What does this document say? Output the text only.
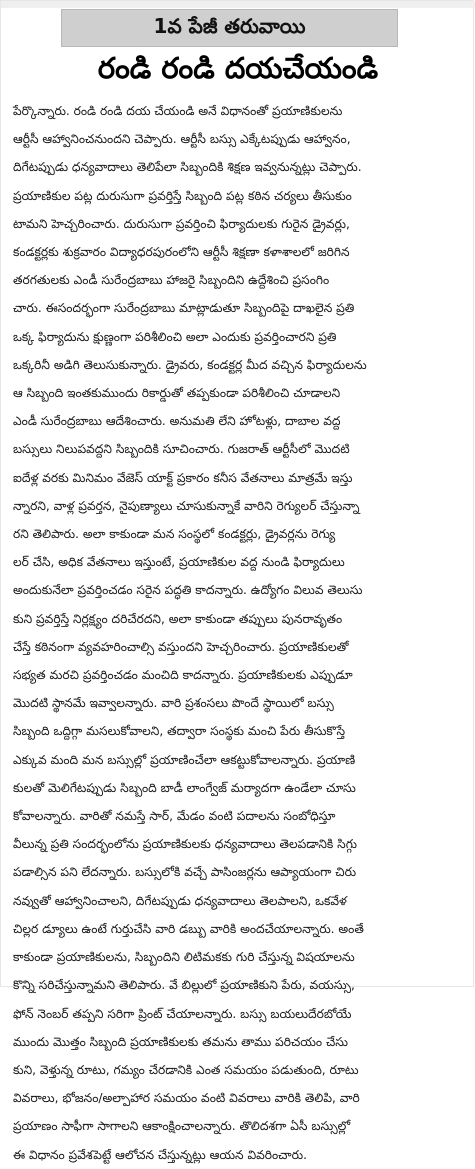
1వ పేజీ తరువాయి
రండి రండి దయచేయండి
పేర్కొన్నారు. రండి రండి దయ చేయండి అనే విధానంతో ప్రయాణికులను
ఆర్టీసీ ఆహ్వానించనుందని చెప్పారు. ఆర్టీసీ బస్సు ఎక్కేటప్పుడు ఆహ్వానం,
దిగేటప్పుడు ధన్యవాదాలు తెలిపేలా సిబ్బందికి శిక్షణ ఇవ్వనున్నట్లు చెప్పారు.
ప్రయాణికుల పట్ల దురుసుగా ప్రవర్తిస్తే సిబ్బంది పట్ల కఠిన చర్యలు తీసుకుం
టామని హెచ్చరించారు. దురుసుగా ప్రవర్తించి ఫిర్యాదులకు గురైన డ్రైవర్లు,
కండక్టర్లకు శుక్రవారం విద్యాధరపురంలోని ఆర్టీసీ శిక్షణా కళాశాలలో జరిగిన
తరగతులకు ఎండీ సురేంద్రబాబు హాజరై సిబ్బందిని ఉద్దేశించి ప్రసంగిం
చారు. ఈసందర్భంగా సురేంద్రబాబు మాట్లాడుతూ సిబ్బందిపై దాఖలైన ప్రతి
ఒక్క ఫిర్యాదును క్షుణ్ణంగా పరిశీలించి అలా ఎందుకు ప్రవర్తించారని ప్రతి
ఒక్కరినీ అడిగి తెలుసుకున్నారు. డ్రైవరు, కండక్టర్ల మీద వచ్చిన ఫిర్యాదులను
ఆ సిబ్బంది ఇంతకుముందు రికార్డుతో తప్పకుండా పరిశీలించి చూడాలని
ఎండీ సురేంద్రబాబు ఆదేశించారు. అనుమతి లేని హోటళ్లు, దాబాల వద్ద
బస్సులు నిలుపవద్దని సిబ్బందికి సూచించారు. గుజరాత్ ఆర్టీసీలో మొదటి
ఐదేళ్ల వరకు మినిమం వేజెస్ యాక్ట్ ప్రకారం కనీస వేతనాలు మాత్రమే ఇస్తు
న్నారని, వాళ్ల ప్రవర్తన, నైపుణ్యాలు చూసుకున్నాకే వారిని రెగ్యులర్ చేస్తున్నా
రని తెలిపారు. అలా కాకుండా మన సంస్థలో కండక్టర్లు, డ్రైవర్లను రెగ్యు
లర్ చేసి, అధిక వేతనాలు ఇస్తుంటే, ప్రయాణికుల వద్ద నుండి ఫిర్యాదులు
అందుకునేలా ప్రవర్తించడం సరైన పద్ధతి కాదన్నారు. ఉద్యోగం విలువ తెలుసు
కుని ప్రవర్తిస్తే నిర్లక్ష్యం దరిచేరదని, అలా కాకుండా తప్పులు పునరావృతం
చేస్తే కఠినంగా వ్యవహరించాల్సి వస్తుందని హెచ్చరించారు. ప్రయాణికులతో
సభ్యత మరచి ప్రవర్తించడం మంచిది కాదన్నారు. ప్రయాణికులకు ఎప్పుడూ
మొదటి స్థానమే ఇవ్వాలన్నారు. వారి ప్రశంసలు పొందే స్థాయిలో బస్సు
సిబ్బంది ఒద్దిగ్గా మసలుకోవాలని, తద్వారా సంస్థకు మంచి పేరు తీసుకొస్తే
ఎక్కువ మంది మన బస్సుల్లో ప్రయాణించేలా ఆకట్టుకోవాలన్నారు. ప్రయాణి
కులతో మెలిగేటప్పుడు సిబ్బంది బాడీ లాంగ్వేజ్ మర్యాదగా ఉండేలా చూసు
కోవాలన్నారు. వారితో నమస్తే సార్, మేడం వంటి పదాలను సంబోధిస్తూ
వీలున్న ప్రతి సందర్భంలోను ప్రయాణికులకు ధన్యవాదాలు తెలపడానికి సిగ్గు
పడాల్సిన పని లేదన్నారు. బస్సులోకి వచ్చే పాసింజర్లను ఆప్యాయంగా చిరు
నవ్వుతో ఆహ్వానించాలని, దిగేటప్పుడు ధన్యవాదాలు తెలపాలని, ఒకవేళ
చిల్లర డ్యూలు ఉంటే గుర్తుచేసి వారి డబ్బు వారికి అందచేయాలన్నారు. అంతే
కాకుండా ప్రయాణికులను, సిబ్బందిని లిటిమకకు గురి చేస్తున్న విషయాలను
కొన్ని సరిచేస్తున్నామని తెలిపారు. వే బిల్లులో ప్రయాణికుని పేరు, వయస్సు,
ఫోన్ నెంబర్ తప్పని సరిగా ప్రింట్ చేయాలన్నారు. బస్సు బయలుదేరబోయే
ముందు మొత్తం సిబ్బంది ప్రయాణికులకు తమను తాము పరిచయం చేసు
కుని, వెళ్తున్న రూటు, గమ్యం చేరడానికి ఎంత సమయం పడుతుంది, రూటు
వివరాలు, భోజనం/అల్పాహార సమయం వంటి వివరాలు వారికి తెలిపి, వారి
ప్రయాణం సాఫీగా సాగాలని ఆకాంక్షించాలన్నారు. తొలిదశగా ఏసీ బస్సుల్లో
ఈ విధానం ప్రవేశపెట్టే ఆలోచన చేస్తున్నట్లు ఆయన వివరించారు.
